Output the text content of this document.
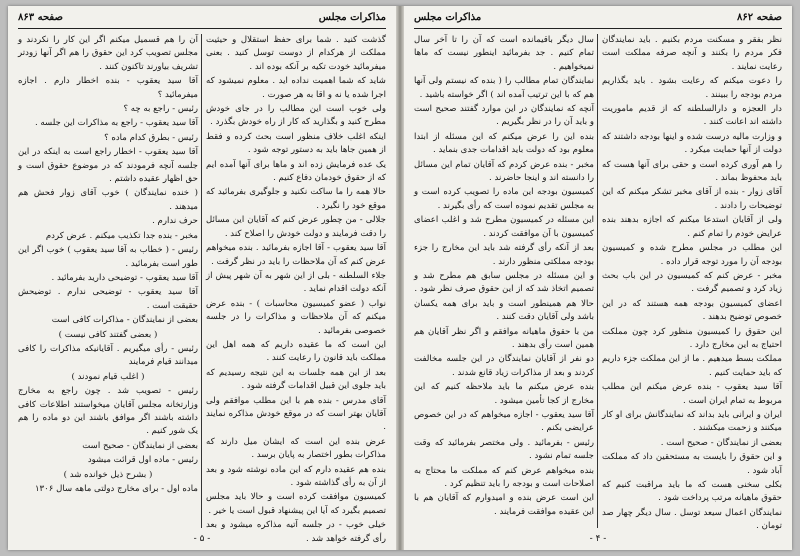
مذاکرات مجلس
صفحه ۸۶۳

گذشت کنید . شما برای حفظ استقلال و حیثیت مملکت از هرکدام از دوست توسل کنید . بعنی میفرمائید خودت تکیه بر آنکه بوده اند .

شاید که شما اهمیت نداده اید . معلوم نمیشود که اجرا شده یا نه و اقا به هر صورت .

ولی خوب است این مطالب را در جای خودش مطرح کنید و بگذارید که کار از راه خودش بگذرد .

اینکه اغلب خلاف منظور است بحث کرده و فقط از همین جاها باید به دستور توجه شود .

یک عده فرمایش زده اند و ماها برای آنها آمده ایم که از حقوق خودمان دفاع کنیم .

حالا همه را ما ساکت نکنید و جلوگیری بفرمائید که موقع خود را نگیرد .

جلالی - من چطور عرض کنم که آقایان این مسائل را دقت فرمایند و دولت خودش را اصلاح کند .

آقا سید یعقوب - آقا اجازه بفرمائید . بنده میخواهم عرض کنم که آن ملاحظات را باید در نظر گرفت .

جلاء السلطنه - بلی از این شهر به آن شهر پیش از آنکه دولت اقدام نماید .

نواب ( عضو کمیسیون محاسبات ) - بنده عرض میکنم که آن ملاحظات و مذاکرات را در جلسه خصوصی بفرمائید .

این است که ما عقیده داریم که همه اهل این مملکت باید قانون را رعایت کنند .

بعد از این همه جلسات به این نتیجه رسیدیم که باید جلوی این قبیل اقدامات گرفته شود .

آقای مدرس - بنده هم با این مطلب موافقم ولی آقایان بهتر است که در موقع خودش مذاکره نمایند .

عرض بنده این است که ایشان میل دارند که مذاکرات بطور اختصار به پایان برسد .

بنده هم عقیده دارم که این ماده نوشته شود و بعد از آن به رأی گذاشته شود .

کمیسیون موافقت کرده است و حالا باید مجلس تصمیم بگیرد که آیا این پیشنهاد قبول است یا خیر .

خیلی خوب - در جلسه آتیه مذاکره میشود و بعد رأی گرفته خواهد شد .

آن را هم قسمیل میکنم اگر این کار را نکردند و مجلس تصویب کرد این حقوق را هم اگر آنها زودتر تشریف بیاورند تاکنون کنند .

آقا سید یعقوب - بنده اخطار دارم . اجازه میفرمائید ؟

رئیس - راجع به چه ؟

آقا سید یعقوب - راجع به مذاکرات این جلسه .

رئیس - بطرق کدام ماده ؟

آقا سید یعقوب - اخطار راجع است به اینکه در این جلسه آنچه فرمودند که در موضوع حقوق است و حق اظهار عقیده داشتم .

( خنده نمایندگان ) خوب آقای زوار فحش هم میدهند .

حرف ندارم .

مخبر - بنده جدا تکذیب میکنم . عرض کردم

رئیس - ( خطاب به آقا سید یعقوب ) خوب اگر این طور است بفرمائید .

آقا سید یعقوب - توضیحی دارید بفرمائید .

آقا سید یعقوب - توضیحی ندارم . توضیحش حقیقت است .

بعضی از نمایندگان - مذاکرات کافی است

( بعضی گفتند کافی نیست )

رئیس - رأی میگیریم . آقایانیکه مذاکرات را کافی میدانند قیام فرمایند

( اغلب قیام نمودند )

رئیس - تصویب شد . چون راجع به مخارج وزارتخانه مجلس آقایان میخواستند اطلاعات کافی داشته باشند اگر موافق باشند این دو ماده را هم یک شور کنیم .

بعضی از نمایندگان - صحیح است

رئیس - ماده اول قرائت میشود

( بشرح ذیل خوانده شد )

ماده اول - برای مخارج دولتی ماهه سال ۱۳۰۶

- ۵ -
مذاکرات مجلس	صفحه ۸۶۲

نظر بفقر و مسکنت مردم بکنیم . باید نمایندگان فکر مردم را بکنند و آنچه صرفه مملکت است رعایت نمایند .

را دعوت میکنم که رعایت بشود . باید بگذاریم مردم بودجه را ببینند .

دار العجزه و دارالسلطنه که از قدیم ماموریت داشته اند اعانت کنند .

و وزارت مالیه درست شده و اینها بودجه داشتند که دولت از آنها حمایت میکرد .

را هم آوری کرده است و حقی برای آنها هست که باید محفوظ بماند .

آقای زوار - بنده از آقای مخبر تشکر میکنم که این توضیحات را دادند .

ولی از آقایان استدعا میکنم که اجازه بدهند بنده عرایض خودم را تمام کنم .

این مطلب در مجلس مطرح شده و کمیسیون بودجه آن را مورد توجه قرار داده .

مخبر - عرض کنم که کمیسیون در این باب بحث زیاد کرد و تصمیم گرفت .

اعضای کمیسیون بودجه همه هستند که در این خصوص توضیح بدهند .

این حقوق را کمیسیون منظور کرد چون مملکت احتیاج به این مخارج دارد .

مملکت بسط میدهیم . ما از این مملکت جزء داریم که باید حمایت کنیم .

آقا سید یعقوب - بنده عرض میکنم این مطلب مربوط به تمام ایران است .

ایران و ایرانی باید بداند که نمایندگانش برای او کار میکنند و زحمت میکشند .

بعضی از نمایندگان - صحیح است .

و این حقوق را بایست به مستحقین داد که مملکت آباد شود .

بکلی سخنی هست که ما باید مراقبت کنیم که حقوق ماهیانه مرتب پرداخت شود .

نمایندگان اعمال سیعد توسل . سال دیگر چهار صد تومان .

سال دیگر باقیمانده است که آن را تا آخر سال تمام کنیم . جد بفرمائید اینطور نیست که ماها نمیخواهیم .

نمایندگان تمام مطالب را ( بنده که نیستم ولی آنها هم که با این ترتیب آمده اند ) اگر خواسته باشید .

آنچه که نمایندگان در این موارد گفتند صحیح است و باید آن را در نظر بگیریم .

بنده این را عرض میکنم که این مسئله از ابتدا معلوم بود که دولت باید اقدامات جدی بنماید .

مخبر - بنده عرض کردم که آقایان تمام این مسائل را دانسته اند و اینجا حاضرند .

کمیسیون بودجه این ماده را تصویب کرده است و به مجلس تقدیم نموده است که رأی بگیرند .

این مسئله در کمیسیون مطرح شد و اغلب اعضای کمیسیون با آن موافقت کردند .

بعد از آنکه رأی گرفته شد باید این مخارج را جزء بودجه مملکتی منظور دارند .

و این مسئله در مجلس سابق هم مطرح شد و تصمیم اتخاذ شد که از این حقوق صرف نظر شود .

حالا هم همینطور است و باید برای همه یکسان باشد ولی آقایان دقت کنند .

من با حقوق ماهیانه موافقم و اگر نظر آقایان هم همین است رأی بدهند .

دو نفر از آقایان نمایندگان در این جلسه مخالفت کردند و بعد از مذاکرات زیاد قانع شدند .

بنده عرض میکنم ما باید ملاحظه کنیم که این مخارج از کجا تأمین میشود .

آقا سید یعقوب - اجازه میخواهم که در این خصوص عرایضی بکنم .

رئیس - بفرمائید . ولی مختصر بفرمائید که وقت جلسه تمام نشود .

بنده میخواهم عرض کنم که مملکت ما محتاج به اصلاحات است و بودجه را باید تنظیم کرد .

این است عرض بنده و امیدوارم که آقایان هم با این عقیده موافقت فرمایند .

- ۴ -
